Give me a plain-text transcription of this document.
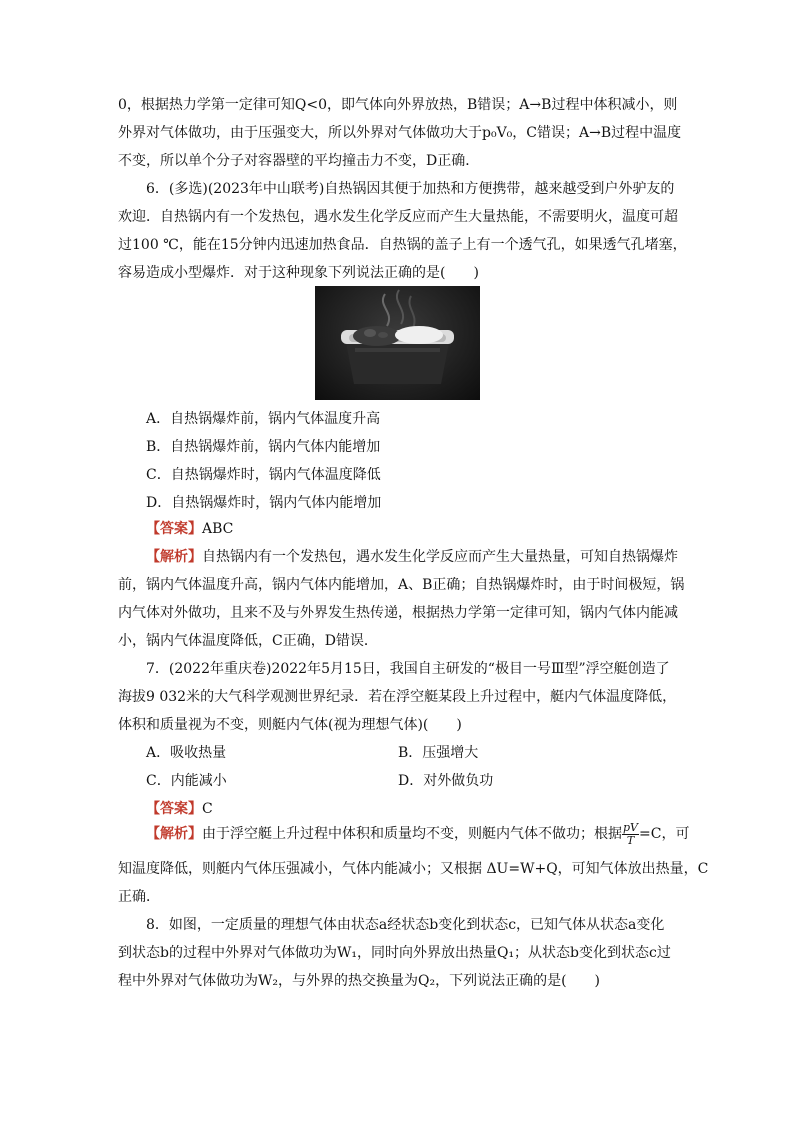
0，根据热力学第一定律可知Q<0，即气体向外界放热，B错误；A→B过程中体积减小，则
外界对气体做功，由于压强变大，所以外界对气体做功大于p₀V₀，C错误；A→B过程中温度
不变，所以单个分子对容器壁的平均撞击力不变，D正确．
6．(多选)(2023年中山联考)自热锅因其便于加热和方便携带，越来越受到户外驴友的
欢迎．自热锅内有一个发热包，遇水发生化学反应而产生大量热能，不需要明火，温度可超
过100 ℃，能在15分钟内迅速加热食品．自热锅的盖子上有一个透气孔，如果透气孔堵塞，
容易造成小型爆炸．对于这种现象下列说法正确的是(　　)
A．自热锅爆炸前，锅内气体温度升高
B．自热锅爆炸前，锅内气体内能增加
C．自热锅爆炸时，锅内气体温度降低
D．自热锅爆炸时，锅内气体内能增加
【答案】ABC
【解析】自热锅内有一个发热包，遇水发生化学反应而产生大量热量，可知自热锅爆炸
前，锅内气体温度升高，锅内气体内能增加，A、B正确；自热锅爆炸时，由于时间极短，锅
内气体对外做功，且来不及与外界发生热传递，根据热力学第一定律可知，锅内气体内能减
小，锅内气体温度降低，C正确，D错误．
7．(2022年重庆卷)2022年5月15日，我国自主研发的“极目一号Ⅲ型”浮空艇创造了
海拔9 032米的大气科学观测世界纪录．若在浮空艇某段上升过程中，艇内气体温度降低，
体积和质量视为不变，则艇内气体(视为理想气体)(　　)
A．吸收热量	B．压强增大
C．内能减小	D．对外做负功
【答案】C
【解析】由于浮空艇上升过程中体积和质量均不变，则艇内气体不做功；根据 $\frac{pV}{T} =C$，可
知温度降低，则艇内气体压强减小，气体内能减小；又根据 ΔU=W+Q，可知气体放出热量，C
正确．
8．如图，一定质量的理想气体由状态a经状态b变化到状态c，已知气体从状态a变化
到状态b的过程中外界对气体做功为W₁，同时向外界放出热量Q₁；从状态b变化到状态c过
程中外界对气体做功为W₂，与外界的热交换量为Q₂，下列说法正确的是(　　)
